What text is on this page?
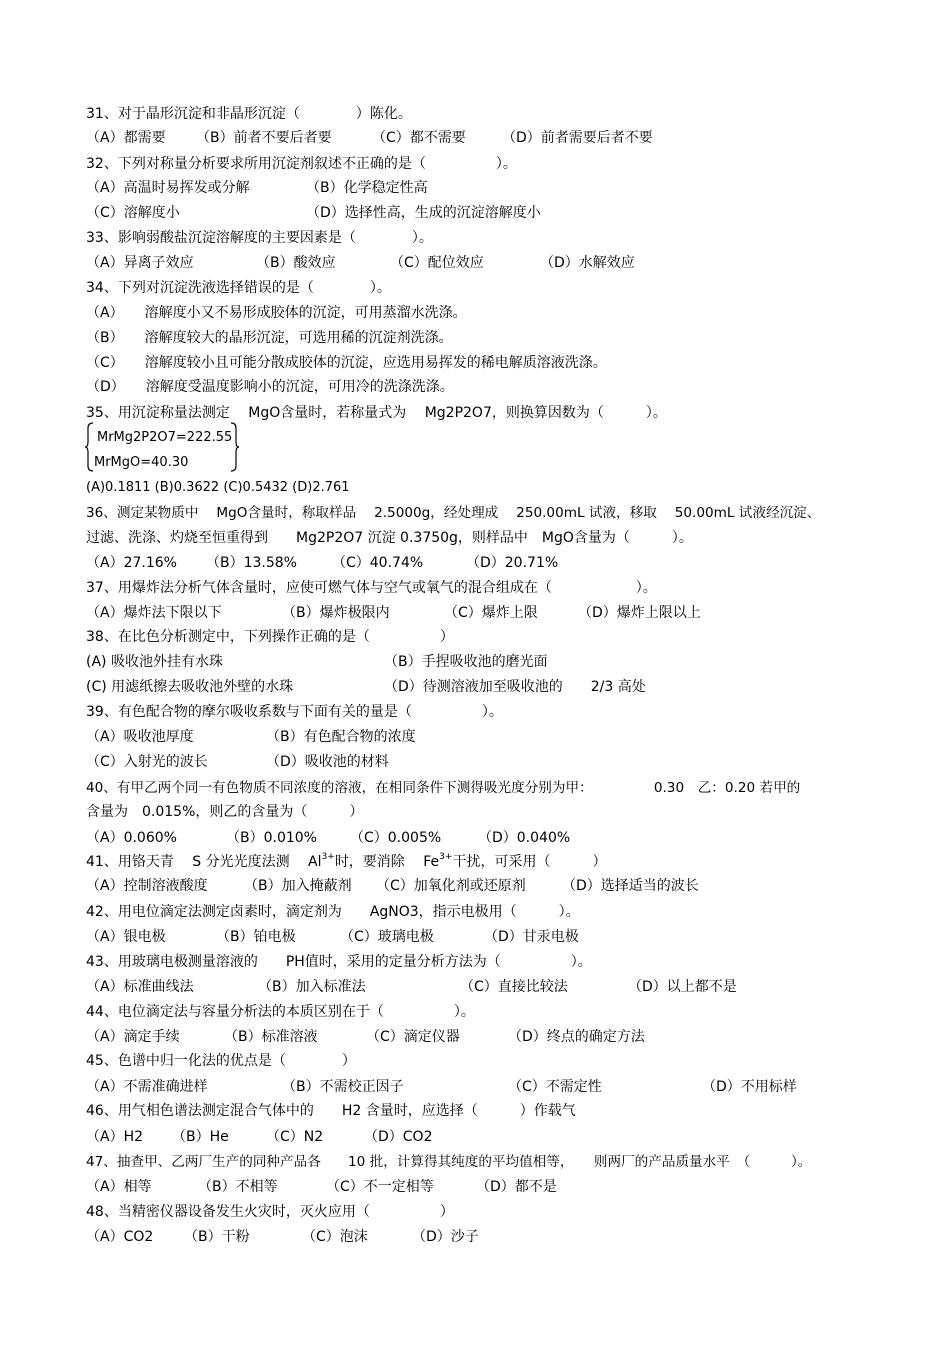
31、对于晶形沉淀和非晶形沉淀（　　　　）陈化。
（A）都需要 （B）前者不要后者要	（C）都不需要	（D）前者需要后者不要
32、下列对称量分析要求所用沉淀剂叙述不正确的是（　　　　　）。
（A）高温时易挥发或分解	（B）化学稳定性高
（C）溶解度小	（D）选择性高，生成的沉淀溶解度小
33、影响弱酸盐沉淀溶解度的主要因素是（　　　　）。
（A）异离子效应	（B）酸效应	（C）配位效应	（D）水解效应
34、下列对沉淀洗液选择错误的是（　　　　）。
（A）　　溶解度小又不易形成胶体的沉淀，可用蒸溜水洗涤。
（B）　　溶解度较大的晶形沉淀，可选用稀的沉淀剂洗涤。
（C）　　溶解度较小且可能分散成胶体的沉淀，应选用易挥发的稀电解质溶液洗涤。
（D）　　溶解度受温度影响小的沉淀，可用冷的洗涤洗涤。
35、用沉淀称量法测定　 MgO含量时，若称量式为　 Mg2P2O7，则换算因数为（　　　）。
MrMg2P2O7=222.55
MrMgO=40.30
(A)0.1811 (B)0.3622 (C)0.5432 (D)2.761
36、测定某物质中　 MgO含量时，称取样品　 2.5000g，经处理成　 250.00mL 试液，移取　 50.00mL 试液经沉淀、
过滤、洗涤、灼烧至恒重得到　　Mg2P2O7 沉淀 0.3750g，则样品中　MgO含量为（　　　）。
（A）27.16% （B）13.58%	（C）40.74%	（D）20.71%
37、用爆炸法分析气体含量时，应使可燃气体与空气或氧气的混合组成在（　　　　　　）。
（A）爆炸法下限以下	（B）爆炸极限内	（C）爆炸上限	（D）爆炸上限以上
38、在比色分析测定中，下列操作正确的是（　　　　　）
(A) 吸收池外挂有水珠	（B）手捏吸收池的磨光面
(C) 用滤纸擦去吸收池外壁的水珠	（D）待测溶液加至吸收池的　　2/3 高处
39、有色配合物的摩尔吸收系数与下面有关的量是（　　　　　）。
（A）吸收池厚度	（B）有色配合物的浓度
（C）入射光的波长	（D）吸收池的材料
40、有甲乙两个同一有色物质不同浓度的溶液，在相同条件下测得吸光度分别为甲：　　　　　0.30　乙：0.20 若甲的
含量为　0.015%，则乙的含量为（　　　）
（A）0.060%	（B）0.010% （C）0.005%	（D）0.040%
41、用铬天青　 S 分光光度法测　 $Al^{3+}$时，要消除　 $Fe^{3+}$干扰，可采用（　　　）
（A）控制溶液酸度	（B）加入掩蔽剂 （C）加氧化剂或还原剂	（D）选择适当的波长
42、用电位滴定法测定卤素时，滴定剂为　　AgNO3，指示电极用（　　　）。
（A）银电极	（B）铂电极	（C）玻璃电极	（D）甘汞电极
43、用玻璃电极测量溶液的　　PH值时，采用的定量分析方法为（　　　　　）。
（A）标准曲线法	（B）加入标准法	（C）直接比较法	（D）以上都不是
44、电位滴定法与容量分析法的本质区别在于（　　　　　）。
（A）滴定手续	（B）标准溶液	（C）滴定仪器	（D）终点的确定方法
45、色谱中归一化法的优点是（　　　　）
（A）不需准确进样	（B）不需校正因子	（C）不需定性	（D）不用标样
46、用气相色谱法测定混合气体中的　　H2 含量时，应选择（　　　）作载气
（A）H2 （B）He	（C）N2	（D）CO2
47、抽查甲、乙两厂生产的同种产品各　　10 批，计算得其纯度的平均值相等，　　则两厂的产品质量水平　（　　　）。
（A）相等	（B）不相等	（C）不一定相等	（D）都不是
48、当精密仪器设备发生火灾时，灭火应用（　　　　　）
（A）CO2 （B）干粉	（C）泡沫	（D）沙子
